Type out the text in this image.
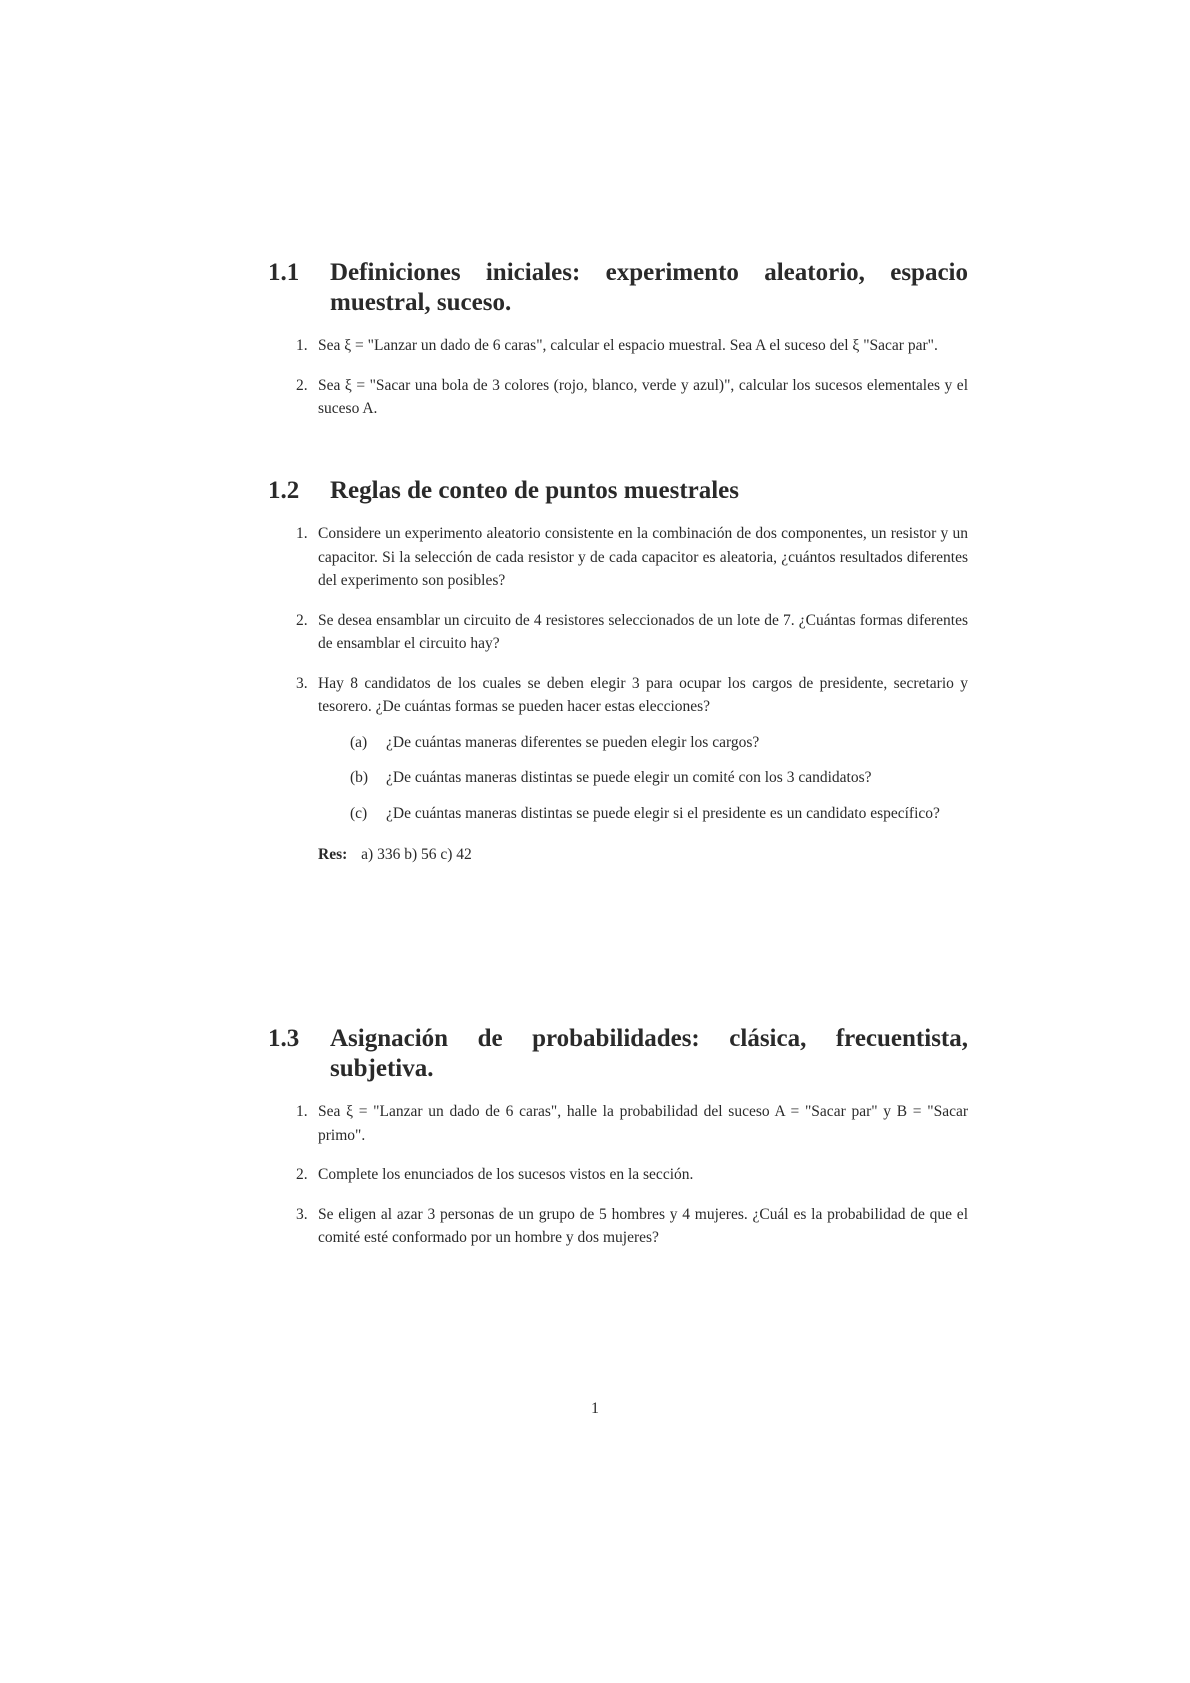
1.1	Definiciones iniciales: experimento aleatorio, espacio muestral, suceso.
1. Sea ξ = "Lanzar un dado de 6 caras", calcular el espacio muestral. Sea A el suceso del ξ "Sacar par".
2. Sea ξ = "Sacar una bola de 3 colores (rojo, blanco, verde y azul)", calcular los sucesos elementales y el suceso A.
1.2	Reglas de conteo de puntos muestrales
1. Considere un experimento aleatorio consistente en la combinación de dos componentes, un resistor y un capacitor. Si la selección de cada resistor y de cada capacitor es aleatoria, ¿cuántos resultados diferentes del experimento son posibles?
2. Se desea ensamblar un circuito de 4 resistores seleccionados de un lote de 7. ¿Cuántas formas diferentes de ensamblar el circuito hay?
3. Hay 8 candidatos de los cuales se deben elegir 3 para ocupar los cargos de presidente, secretario y tesorero. ¿De cuántas formas se pueden hacer estas elecciones?
(a)	¿De cuántas maneras diferentes se pueden elegir los cargos?
(b)	¿De cuántas maneras distintas se puede elegir un comité con los 3 candidatos?
(c)	¿De cuántas maneras distintas se puede elegir si el presidente es un candidato específico?
Res: a) 336 b) 56 c) 42
1.3	Asignación de probabilidades: clásica, frecuentista, subjetiva.
1. Sea ξ = "Lanzar un dado de 6 caras", halle la probabilidad del suceso A = "Sacar par" y B = "Sacar primo".
2. Complete los enunciados de los sucesos vistos en la sección.
3. Se eligen al azar 3 personas de un grupo de 5 hombres y 4 mujeres. ¿Cuál es la probabilidad de que el comité esté conformado por un hombre y dos mujeres?
1
